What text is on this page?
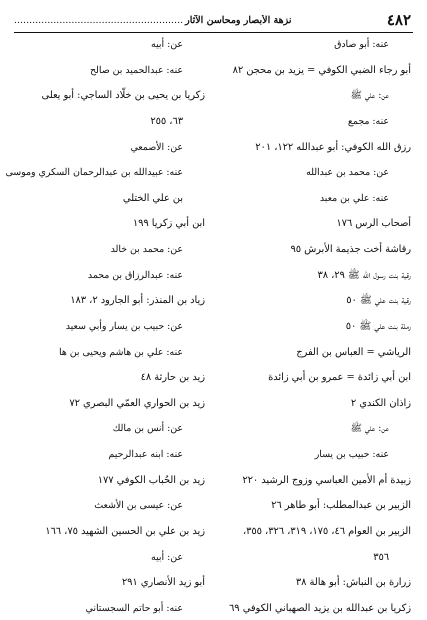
٤٨٢
نزهة الأبصار ومحاسن الآثار........................................................
عنه: أبو صادق
أبو رجاء الضبي الكوفي = يزيد بن محجن ٨٢
عن: علي ﷺ
عنه: مجمع
رزق الله الكوفي: أبو عبدالله ١٢٢، ٢٠١
عن: محمد بن عبدالله
عنه: علي بن معبد
أصحاب الرس ١٧٦
رقاشة أخت جذيمة الأبرش ٩٥
رقية بنت رسول الله ﷺ ٢٩، ٣٨
رقية بنت علي ﷺ ٥٠
رملة بنت علي ﷺ ٥٠
الرياشي = العباس بن الفرج
ابن أبي زائدة = عمرو بن أبي زائدة
زاذان الكندي ٢
عن: علي ﷺ
عنه: حبيب بن يسار
زبيدة أم الأمين العباسي وزوج الرشيد ٢٢٠
الزبير بن عبدالمطلب: أبو طاهر ٢٦
الزبير بن العوام ٤٦، ١٧٥، ٣١٩، ٣٢٦، ٣٥٥،
٣٥٦
زرارة بن النباش: أبو هالة ٣٨
زكريا بن عبدالله بن يزيد الصهباني الكوفي ٦٩
عن: أبيه
عنه: عبدالحميد بن صالح
زكريا بن يحيى بن خلّاد الساجي: أبو يعلى
٦٣، ٢٥٥
عن: الأصمعي
عنه: عبيدالله بن عبدالرحمان السكري وموسى
بن علي الختلي
ابن أبي زكريا ١٩٩
عن: محمد بن خالد
عنه: عبدالرزاق بن محمد
زياد بن المنذر: أبو الجارود ٢، ١٨٣
عن: حبيب بن يسار وأبي سعيد
عنه: علي بن هاشم ويحيى بن ها
زيد بن حارثة ٤٨
زيد بن الحواري العمّي البصري ٧٢
عن: أنس بن مالك
عنه: ابنه عبدالرحيم
زيد بن الحُباب الكوفي ١٧٧
عن: عيسى بن الأشعث
زيد بن علي بن الحسين الشهيد ٧٥، ١٦٦
عن: أبيه
أبو زيد الأنصاري ٢٩١
عنه: أبو حاتم السجستاني
